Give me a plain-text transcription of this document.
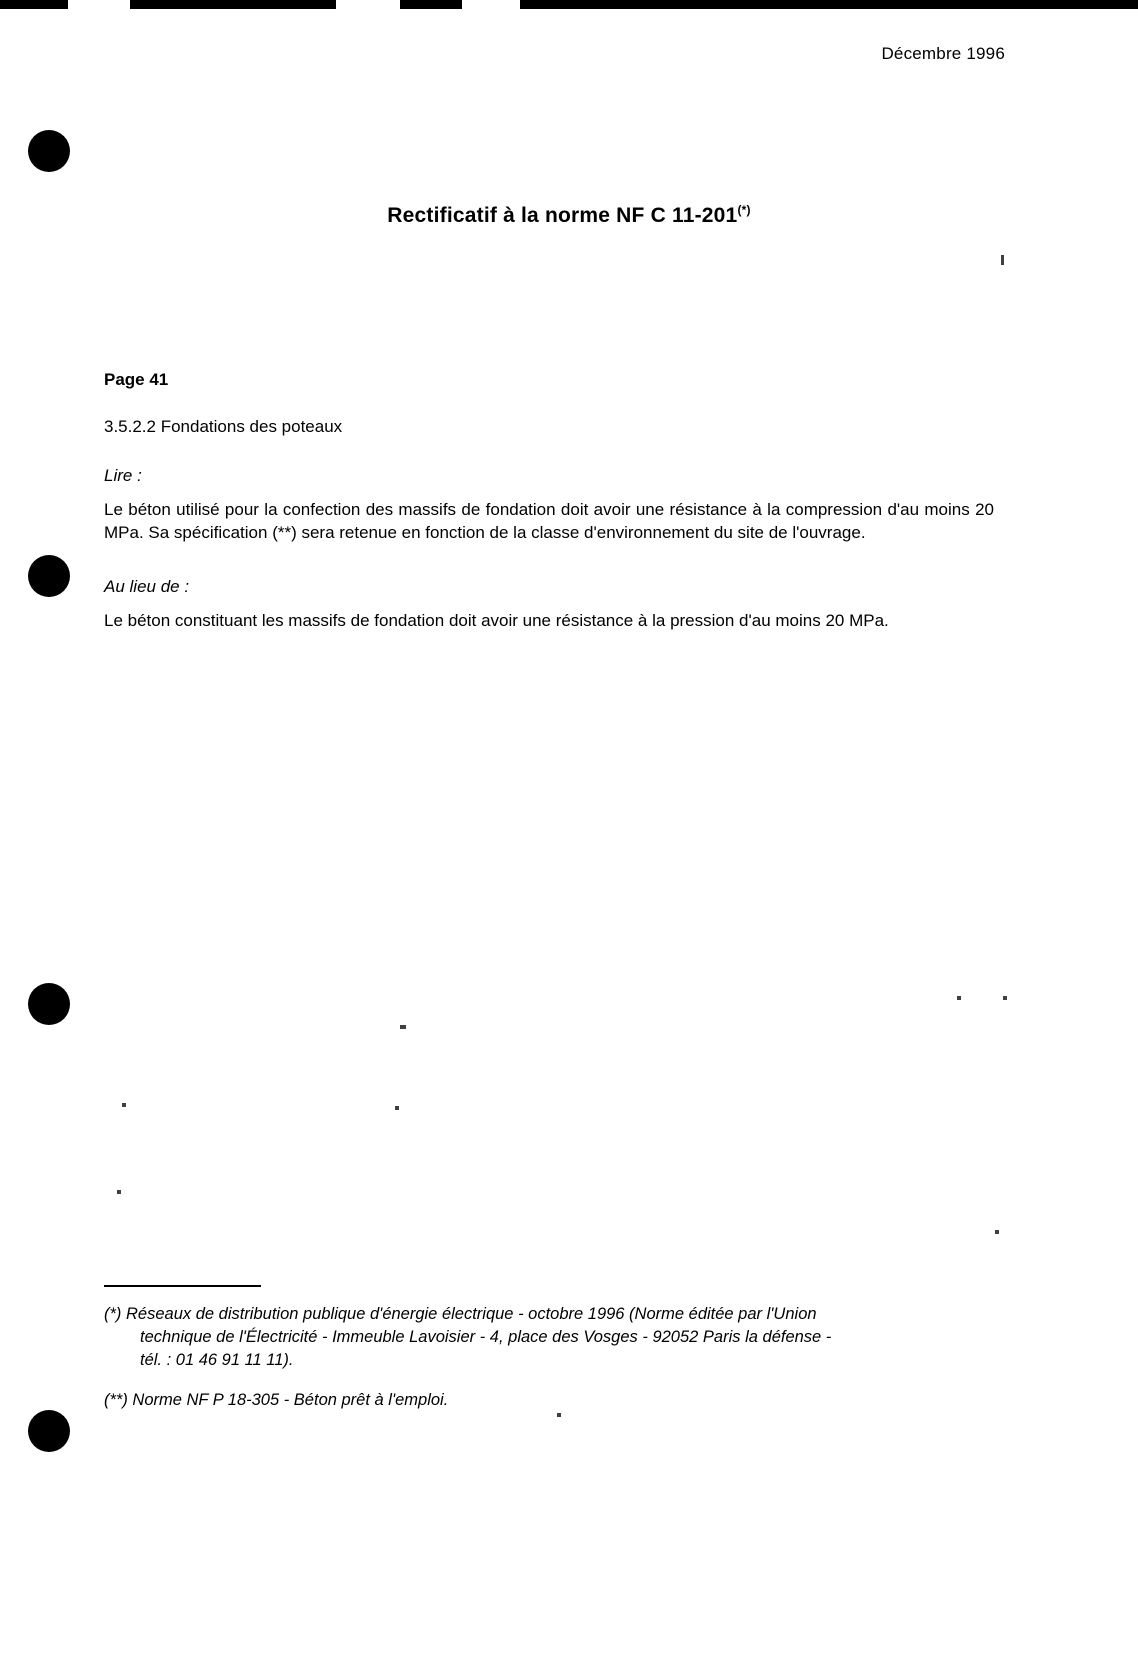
Décembre 1996
Rectificatif à la norme NF C 11-201(*)
Page 41
3.5.2.2 Fondations des poteaux
Lire :
Le béton utilisé pour la confection des massifs de fondation doit avoir une résistance à la compression d'au moins 20 MPa. Sa spécification (**) sera retenue en fonction de la classe d'environnement du site de l'ouvrage.
Au lieu de :
Le béton constituant les massifs de fondation doit avoir une résistance à la pression d'au moins 20 MPa.
(*) Réseaux de distribution publique d'énergie électrique - octobre 1996 (Norme éditée par l'Union
technique de l'Électricité - Immeuble Lavoisier - 4, place des Vosges - 92052 Paris la défense -
tél. : 01 46 91 11 11).
(**) Norme NF P 18-305 - Béton prêt à l'emploi.
